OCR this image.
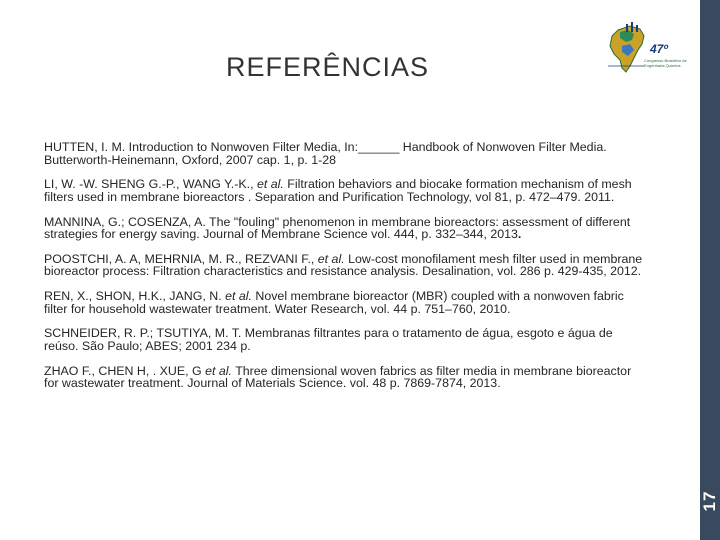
REFERÊNCIAS
47º
Congresso Brasileiro de Engenharia Química
17

HUTTEN, I. M. Introduction to Nonwoven Filter Media, In:______ Handbook of Nonwoven Filter Media. Butterworth-Heinemann, Oxford, 2007 cap. 1, p. 1-28

LI, W. -W. SHENG G.-P., WANG Y.-K., et al. Filtration behaviors and biocake formation mechanism of mesh filters used in membrane bioreactors . Separation and Purification Technology, vol 81, p. 472–479. 2011.

MANNINA, G.; COSENZA, A. The "fouling" phenomenon in membrane bioreactors: assessment of different strategies for energy saving. Journal of Membrane Science vol. 444, p. 332–344, 2013.

POOSTCHI, A. A, MEHRNIA, M. R., REZVANI F., et al. Low-cost monofilament mesh filter used in membrane bioreactor process: Filtration characteristics and resistance analysis. Desalination, vol. 286 p. 429-435, 2012.

REN, X., SHON, H.K., JANG, N. et al. Novel membrane bioreactor (MBR) coupled with a nonwoven fabric filter for household wastewater treatment. Water Research, vol. 44 p. 751–760, 2010.

SCHNEIDER, R. P.; TSUTIYA, M. T. Membranas filtrantes para o tratamento de água, esgoto e água de reúso. São Paulo; ABES; 2001 234 p.

ZHAO F., CHEN H, . XUE, G et al. Three dimensional woven fabrics as filter media in membrane bioreactor for wastewater treatment. Journal of Materials Science. vol. 48 p. 7869-7874, 2013.
